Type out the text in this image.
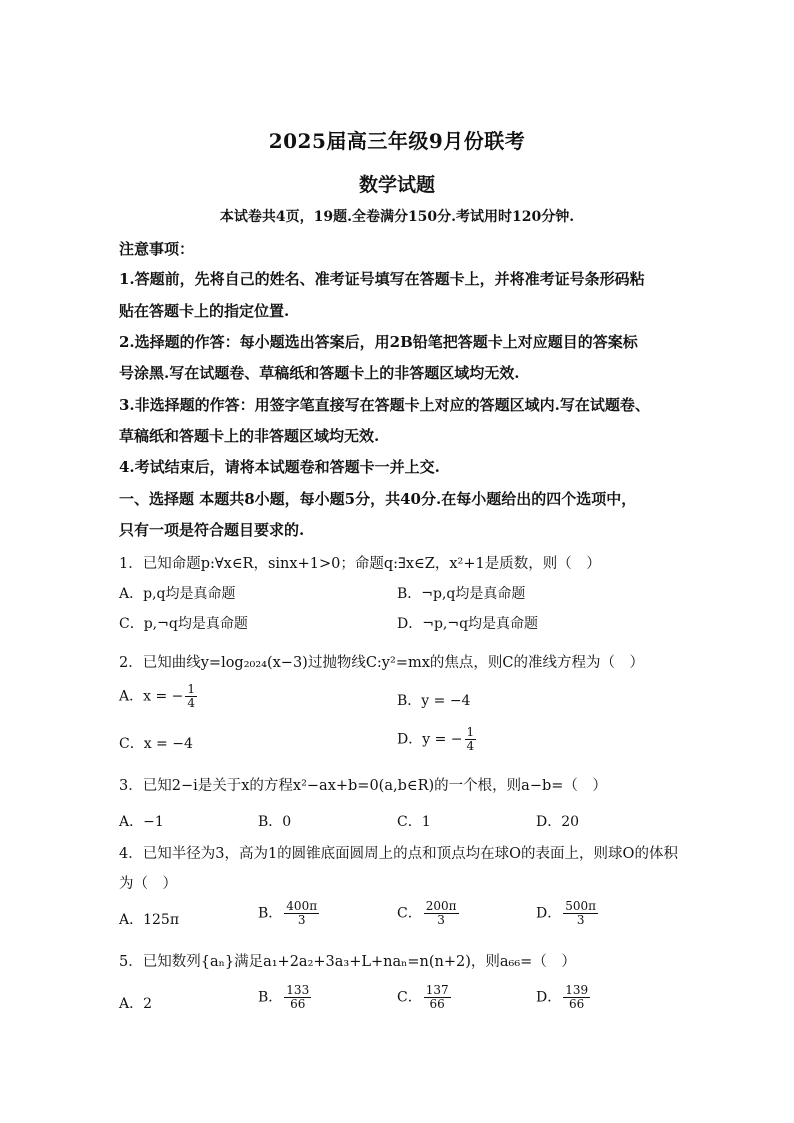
2025届高三年级9月份联考
数学试题
本试卷共4页，19题.全卷满分150分.考试用时120分钟.
注意事项：
1.答题前，先将自己的姓名、准考证号填写在答题卡上，并将准考证号条形码粘
贴在答题卡上的指定位置.
2.选择题的作答：每小题选出答案后，用2B铅笔把答题卡上对应题目的答案标
号涂黑.写在试题卷、草稿纸和答题卡上的非答题区域均无效.
3.非选择题的作答：用签字笔直接写在答题卡上对应的答题区域内.写在试题卷、
草稿纸和答题卡上的非答题区域均无效.
4.考试结束后，请将本试题卷和答题卡一并上交.
一、选择题 本题共8小题，每小题5分，共40分.在每小题给出的四个选项中，
只有一项是符合题目要求的.
1．已知命题p:∀x∈R，sinx+1>0；命题q:∃x∈Z，x²+1是质数，则（　）
A．p,q均是真命题	B．¬p,q均是真命题
C．p,¬q均是真命题	D．¬p,¬q均是真命题
2．已知曲线y=log₂₀₂₄(x−3)过抛物线C:y²=mx的焦点，则C的准线方程为（　）
A．x = − $\frac{1}{4}$	B．y = −4
C．x = −4	D．y = − $\frac{1}{4}$
3．已知2−i是关于x的方程x²−ax+b=0(a,b∈R)的一个根，则a−b=（　）
A．−1	B．0	C．1	D．20
4．已知半径为3，高为1的圆锥底面圆周上的点和顶点均在球O的表面上，则球O的体积
为（　）
A．125π	B． $\frac{400\pi}{3}$	C． $\frac{200\pi}{3}$	D． $\frac{500\pi}{3}$
5．已知数列{aₙ}满足a₁+2a₂+3a₃+L+naₙ=n(n+2)，则a₆₆=（　）
A．2	B． $\frac{133}{66}$	C． $\frac{137}{66}$	D． $\frac{139}{66}$
